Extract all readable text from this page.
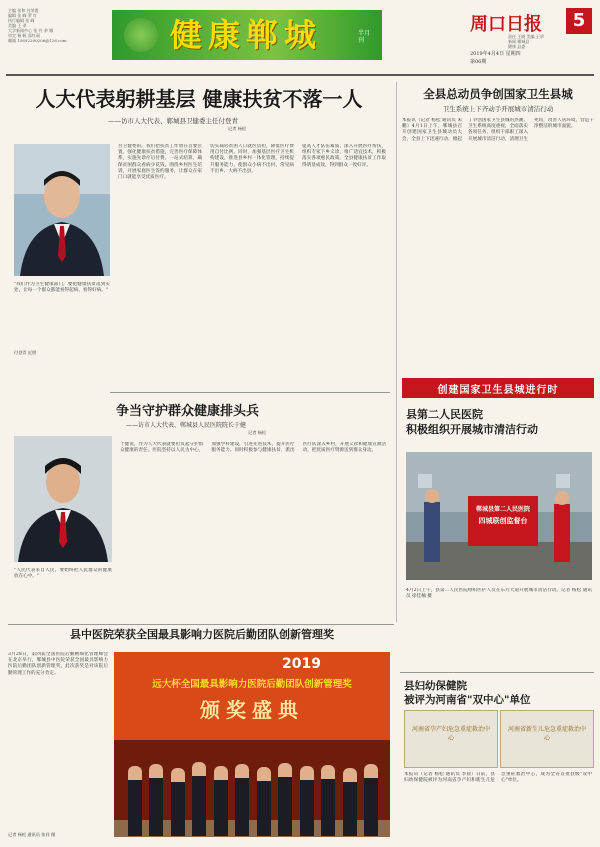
主编 张和 付荣霞
编辑 张 峰 罗 红
执行编辑 张 峰
美编 王 翠
大学新闻中心 张 丹 余 娜
审定 杨 帆 邵红丽
邮箱 15692200206@126.com	健康郸城	半月刊
周口日报	5
责任 王晓 美编 王翠
新闻 郸城县
健康 县委
2019年4月4日 星期四
第06期
人大代表躬耕基层 健康扶贫不落一人
——访市人大代表、郸城县卫健委主任付登青
记者 杨松
"我们作为卫生健康部门，要把健康扶贫落到实处，让每一个群众都能看得起病、看得好病。"
付登青 近照
吾卫健委的。我们把扶贫工作放在首要位置，强化健康扶贫措施，完善医疗保障体系，实施先诊疗后付费，一站式结算，确保贫困群众看病少花钱。围绕乡村医生培训，开展家庭医生签约服务，让群众在家门口就能享受优质医疗。
切实减轻贫困人口就医负担，降低医疗费用自付比例。同时，加强基层医疗卫生机构建设，推进县乡村一体化管理，持续提升服务能力，使群众小病不出村、常见病不出乡、大病不出县。
提高人才队伍素质，深入开展医疗帮扶，组织专家下乡义诊，推广适宜技术，积极落实各项惠民政策。全县健康扶贫工作取得明显成效，得到群众一致好评。
争当守护群众健康排头兵
——访市人大代表、郸城县人民医院院长于健
记者 杨松
"人民代表来自人民，要始终把人民群众的健康放在心中。"
于健说，作为人大代表就要担负起守护群众健康的责任。医院坚持以人民为中心，加强学科建设，引进先进技术，提升医疗服务能力。同时积极参与健康扶贫，派出医疗队深入乡村，开展义诊和健康宣教活动，把优质医疗资源送到群众身边。
县中医院荣获全国最具影响力医院后勤团队创新管理奖
3月28日，第四届全国医院后勤精细化管理峰会在北京举行，郸城县中医院荣获全国最具影响力医院后勤团队创新管理奖。此次获奖是对该院后勤管理工作的充分肯定。
记者 杨松 通讯员 张祥 摄
2019
远大杯全国最具影响力医院后勤团队创新管理奖
颁奖盛典
全县总动员争创国家卫生县城
卫生系统上下齐动手开展城市清洁行动
本报讯（记者 杨松 通讯员 朱鹏）4月1日上午，郸城县召开创建国家卫生县城动员大会，全县上下迅速行动，掀起了争创国家卫生县城的热潮。卫生系统高度重视，全面落实各项任务，组织干部职工深入开展城市清洁行动，清理卫生死角，改善人居环境，营造干净整洁的城市面貌。
创建国家卫生县城进行时
县第二人民医院
积极组织开展城市清洁行动
郸城县第二人民医院
四城联创监督台
4月2日上午，县第二人民医院组织医护人员在东方大道开展城市清洁行动。记者 杨松 通讯员 徐佳楠 摄
县妇幼保健院
被评为河南省"双中心"单位
河南省孕产妇危急重症救治中心
河南省新生儿危急重症救治中心
本报讯（记者 杨松 通讯员 李晨）日前，县妇幼保健院被评为河南省孕产妇和新生儿危急重症救治中心，成为全省首批县级"双中心"单位。
